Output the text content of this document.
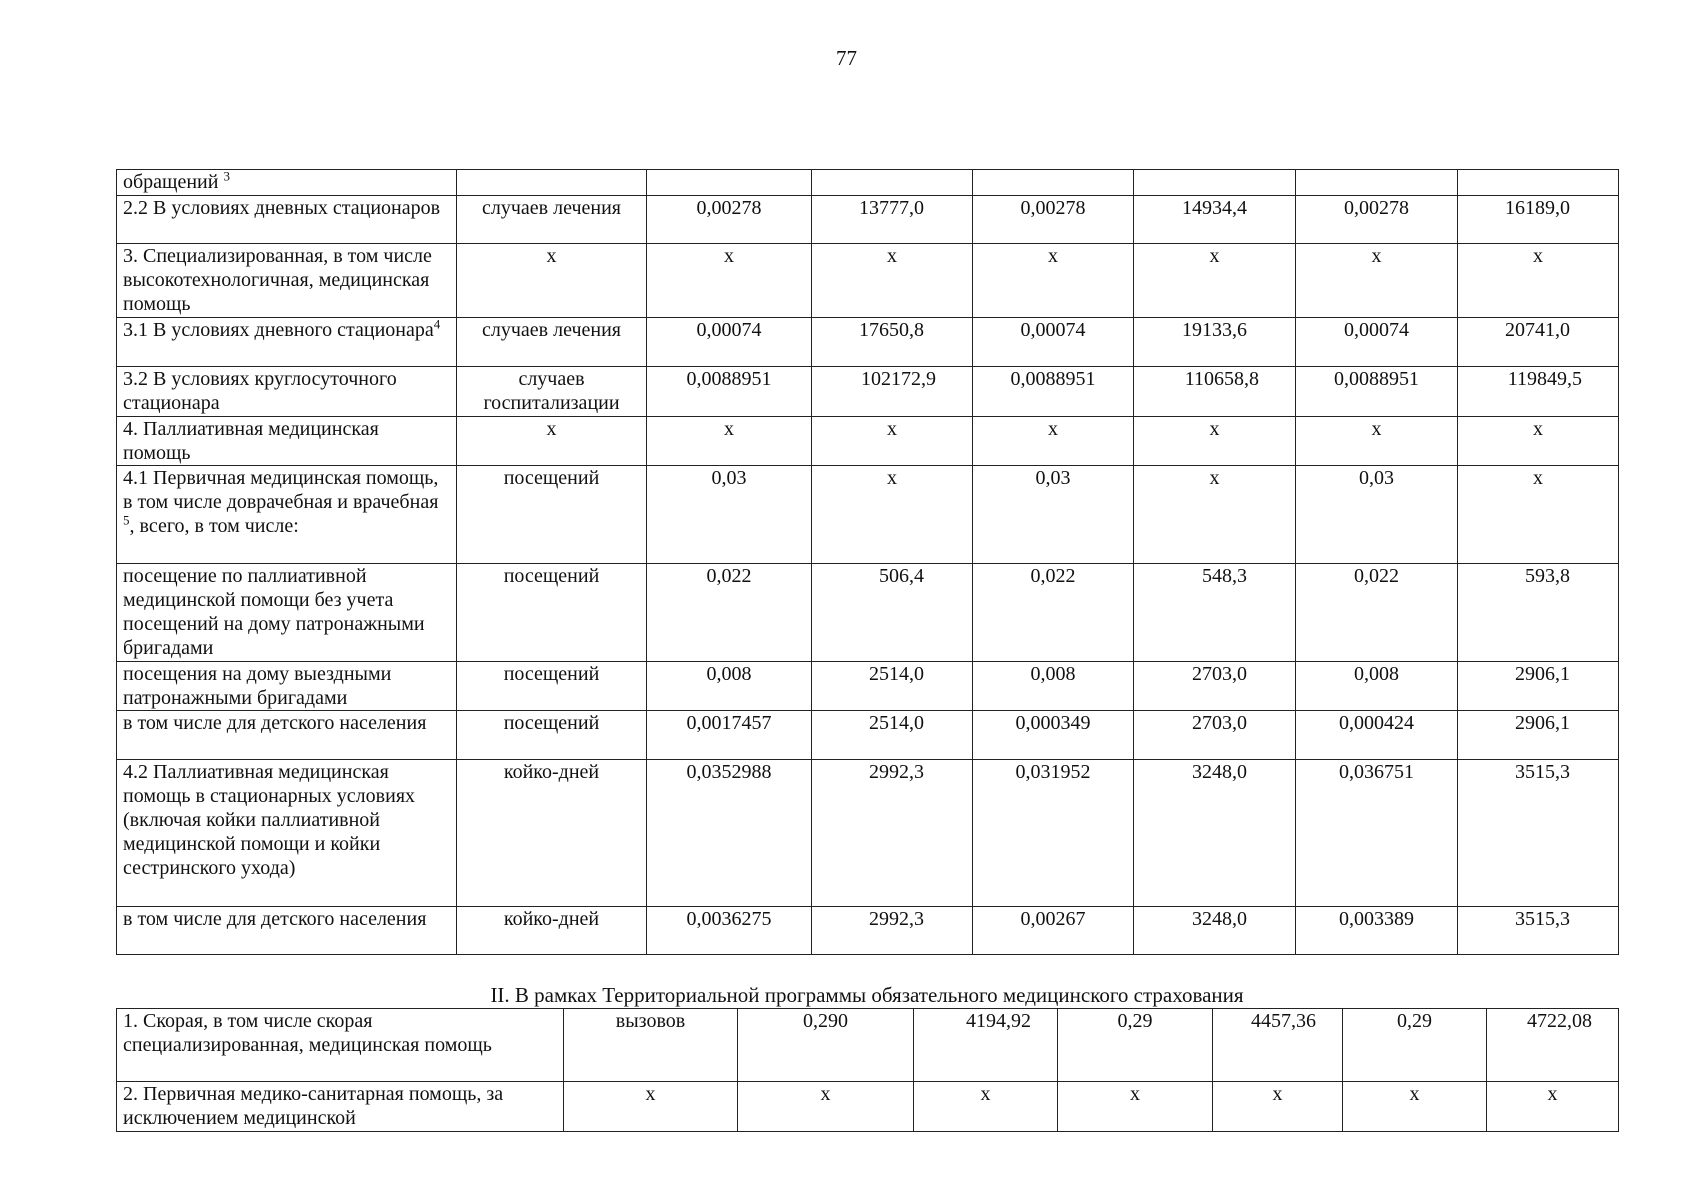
77
обращений $^3$							
2.2 В условиях дневных стационаров	случаев лечения	0,00278	13777,0	0,00278	14934,4	0,00278	16189,0
3. Специализированная, в том числе высокотехнологичная, медицинская помощь	х	х	х	х	х	х	х
3.1 В условиях дневного стационара$^4$	случаев лечения	0,00074	17650,8	0,00074	19133,6	0,00074	20741,0
3.2 В условиях круглосуточного стационара	случаев госпитализации	0,0088951	102172,9	0,0088951	110658,8	0,0088951	119849,5
4. Паллиативная медицинская помощь	х	х	х	х	х	х	х
4.1 Первичная медицинская помощь, в том числе доврачебная и врачебная $^5$, всего, в том числе:	посещений	0,03	х	0,03	х	0,03	х
посещение по паллиативной медицинской помощи без учета посещений на дому патронажными бригадами	посещений	0,022	506,4	0,022	548,3	0,022	593,8
посещения на дому выездными патронажными бригадами	посещений	0,008	2514,0	0,008	2703,0	0,008	2906,1
в том числе для детского населения	посещений	0,0017457	2514,0	0,000349	2703,0	0,000424	2906,1
4.2 Паллиативная медицинская помощь в стационарных условиях (включая койки паллиативной медицинской помощи и койки сестринского ухода)	койко-дней	0,0352988	2992,3	0,031952	3248,0	0,036751	3515,3
в том числе для детского населения	койко-дней	0,0036275	2992,3	0,00267	3248,0	0,003389	3515,3
II. В рамках Территориальной программы обязательного медицинского страхования
1. Скорая, в том числе скорая специализированная, медицинская помощь	вызовов	0,290	4194,92	0,29	4457,36	0,29	4722,08
2. Первичная медико-санитарная помощь, за исключением медицинской	х	х	х	х	х	х	х
